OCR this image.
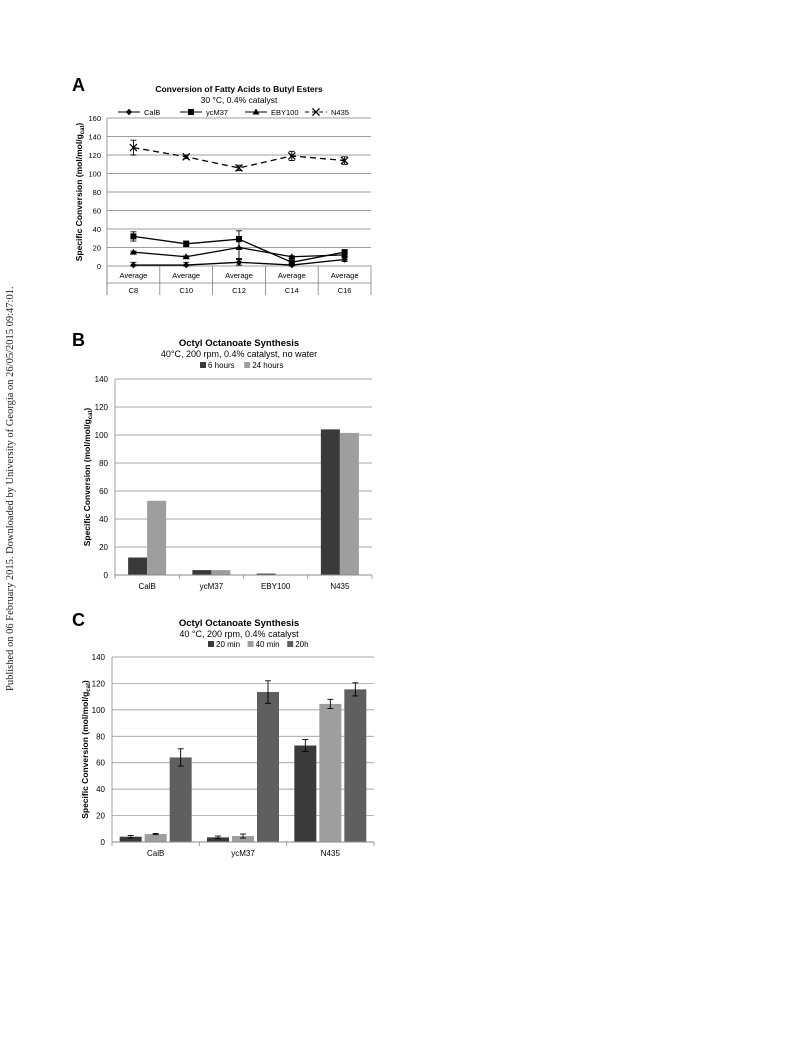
Published on 06 February 2015. Downloaded by University of Georgia on 26/05/2015 09:47:01.
A	Conversion of Fatty Acids to Butyl Esters
30 °C, 0.4% catalyst
CalB	ycM37	EBY100	N435
0
20
40
60
80
100
120
140
160
Specific Conversion $(mol/mol/g_{cat})$
Average
C8
Average
C10
Average
C12
Average
C14
Average
C16
B	Octyl Octanoate Synthesis
40°C, 200 rpm, 0.4% catalyst, no water
6 hours 24 hours
0
20
40
60
80
100
120
140
Specific Conversion $(mol/mol/g_{cat})$
CalB	ycM37	EBY100	N435
C	Octyl Octanoate Synthesis
40 °C, 200 rpm, 0.4% catalyst
20 min 40 min 20h
0
20
40
60
80
100
120
140
Specific Conversion $(mol/mol/g_{cat})$
CalB	ycM37	N435
